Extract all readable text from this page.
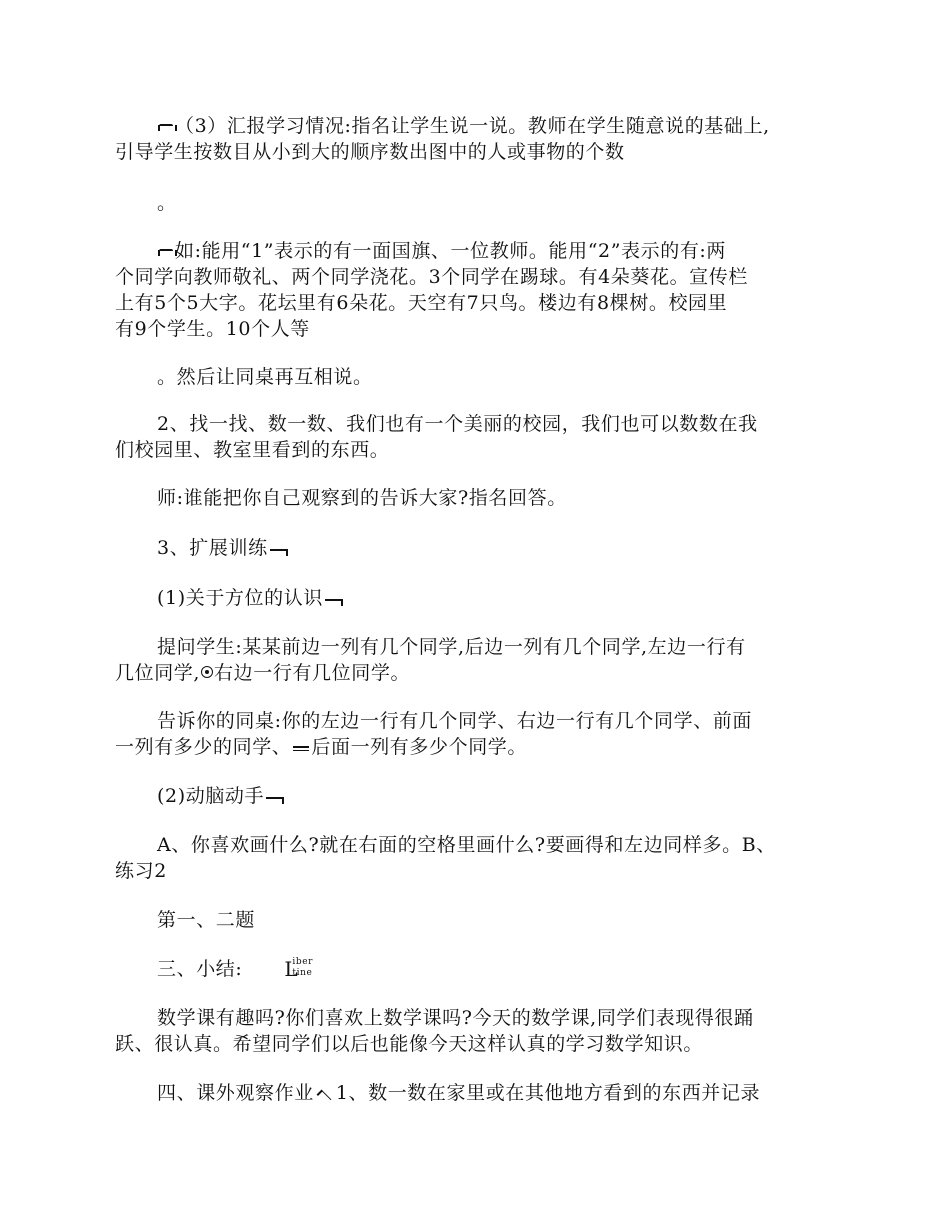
（3）汇报学习情况:指名让学生说一说。教师在学生随意说的基础上,
引导学生按数目从小到大的顺序数出图中的人或事物的个数
。
如:能用“1”表示的有一面国旗、一位教师。能用“2”表示的有:两
个同学向教师敬礼、两个同学浇花。3个同学在踢球。有4朵葵花。宣传栏
上有5个5大字。花坛里有6朵花。天空有7只鸟。楼边有8棵树。校园里
有9个学生。10个人等
。然后让同桌再互相说。
2、找一找、数一数、我们也有一个美丽的校园，我们也可以数数在我
们校园里、教室里看到的东西。
师:谁能把你自己观察到的告诉大家?指名回答。
3、扩展训练
(1)关于方位的认识
提问学生:某某前边一列有几个同学,后边一列有几个同学,左边一行有
几位同学, 右边一行有几位同学。
告诉你的同桌:你的左边一行有几个同学、右边一行有几个同学、前面
一列有多少的同学、 后面一列有多少个同学。
(2)动脑动手
A、你喜欢画什么?就在右面的空格里画什么?要画得和左边同样多。B、
练习2
第一、二题
三、小结:	L
iber
tine
数学课有趣吗?你们喜欢上数学课吗?今天的数学课,同学们表现得很踊
跃、很认真。希望同学们以后也能像今天这样认真的学习数学知识。
四、课外观察作业 1、数一数在家里或在其他地方看到的东西并记录
